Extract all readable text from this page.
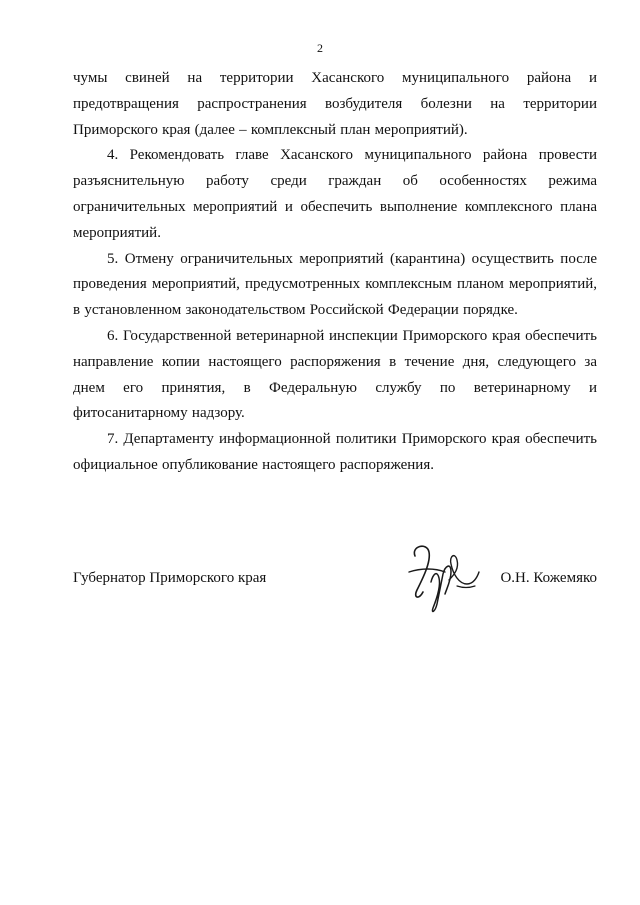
2

чумы свиней на территории Хасанского муниципального района и предотвращения распространения возбудителя болезни на территории Приморского края (далее – комплексный план мероприятий).

4. Рекомендовать главе Хасанского муниципального района провести разъяснительную работу среди граждан об особенностях режима ограничительных мероприятий и обеспечить выполнение комплексного плана мероприятий.

5. Отмену ограничительных мероприятий (карантина) осуществить после проведения мероприятий, предусмотренных комплексным планом мероприятий, в установленном законодательством Российской Федерации порядке.

6. Государственной ветеринарной инспекции Приморского края обеспечить направление копии настоящего распоряжения в течение дня, следующего за днем его принятия, в Федеральную службу по ветеринарному и фитосанитарному надзору.

7. Департаменту информационной политики Приморского края обеспечить официальное опубликование настоящего распоряжения.

Губернатор Приморского края	О.Н. Кожемяко
